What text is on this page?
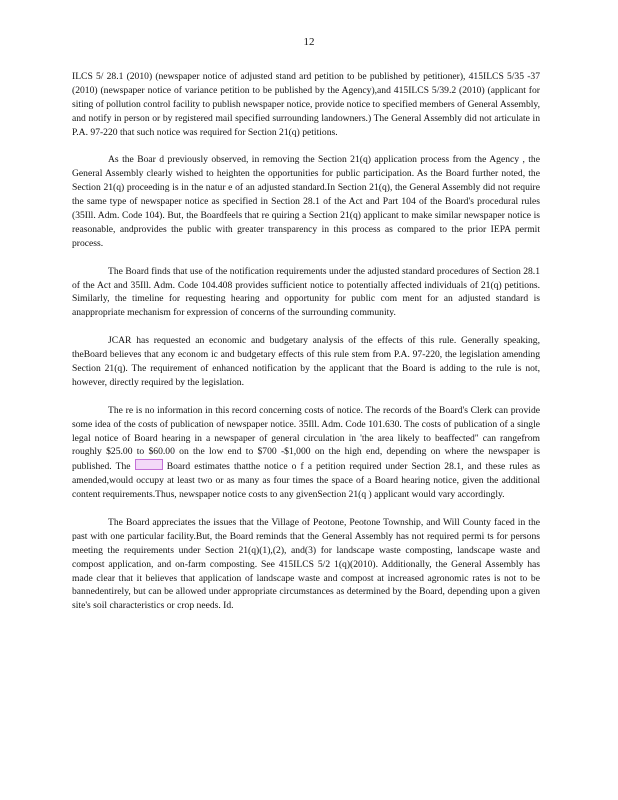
12

ILCS 5/ 28.1 (2010) (newspaper notice of adjusted stand ard petition to be published by petitioner), 415ILCS 5/35 -37 (2010) (newspaper notice of variance petition to be published by the Agency),and 415ILCS 5/39.2 (2010) (applicant for siting of pollution control facility to publish newspaper notice, provide notice to specified members of General Assembly, and notify in person or by registered mail specified surrounding landowners.) The General Assembly did not articulate in P.A. 97-220 that such notice was required for Section 21(q) petitions.

As the Boar d previously observed, in removing the Section 21(q) application process from the Agency , the General Assembly clearly wished to heighten the opportunities for public participation. As the Board further noted, the Section 21(q) proceeding is in the natur e of an adjusted standard.In Section 21(q), the General Assembly did not require the same type of newspaper notice as specified in Section 28.1 of the Act and Part 104 of the Board's procedural rules (35Ill. Adm. Code 104). But, the Boardfeels that re quiring a Section 21(q) applicant to make similar newspaper notice is reasonable, andprovides the public with greater transparency in this process as compared to the prior IEPA permit process.

The Board finds that use of the notification requirements under the adjusted standard procedures of Section 28.1 of the Act and 35Ill. Adm. Code 104.408 provides sufficient notice to potentially affected individuals of 21(q) petitions. Similarly, the timeline for requesting hearing and opportunity for public com ment for an adjusted standard is anappropriate mechanism for expression of concerns of the surrounding community.

JCAR has requested an economic and budgetary analysis of the effects of this rule. Generally speaking, theBoard believes that any econom ic and budgetary effects of this rule stem from P.A. 97-220, the legislation amending Section 21(q). The requirement of enhanced notification by the applicant that the Board is adding to the rule is not, however, directly required by the legislation.

The re is no information in this record concerning costs of notice. The records of the Board's Clerk can provide some idea of the costs of publication of newspaper notice. 35Ill. Adm. Code 101.630. The costs of publication of a single legal notice of Board hearing in a newspaper of general circulation in 'the area likely to beaffected" can rangefrom roughly $25.00 to $60.00 on the low end to $700 -$1,000 on the high end, depending on where the newspaper is published. The	Board estimates thatthe notice o f a petition required under Section 28.1, and these rules as amended,would occupy at least two or as many as four times the space of a Board hearing notice, given the additional content requirements.Thus, newspaper notice costs to any givenSection 21(q ) applicant would vary accordingly.

The Board appreciates the issues that the Village of Peotone, Peotone Township, and Will County faced in the past with one particular facility.But, the Board reminds that the General Assembly has not required permi ts for persons meeting the requirements under Section 21(q)(1),(2), and(3) for landscape waste composting, landscape waste and compost application, and on-farm composting. See 415ILCS 5/2 1(q)(2010). Additionally, the General Assembly has made clear that it believes that application of landscape waste and compost at increased agronomic rates is not to be bannedentirely, but can be allowed under appropriate circumstances as determined by the Board, depending upon a given site's soil characteristics or crop needs. Id.
